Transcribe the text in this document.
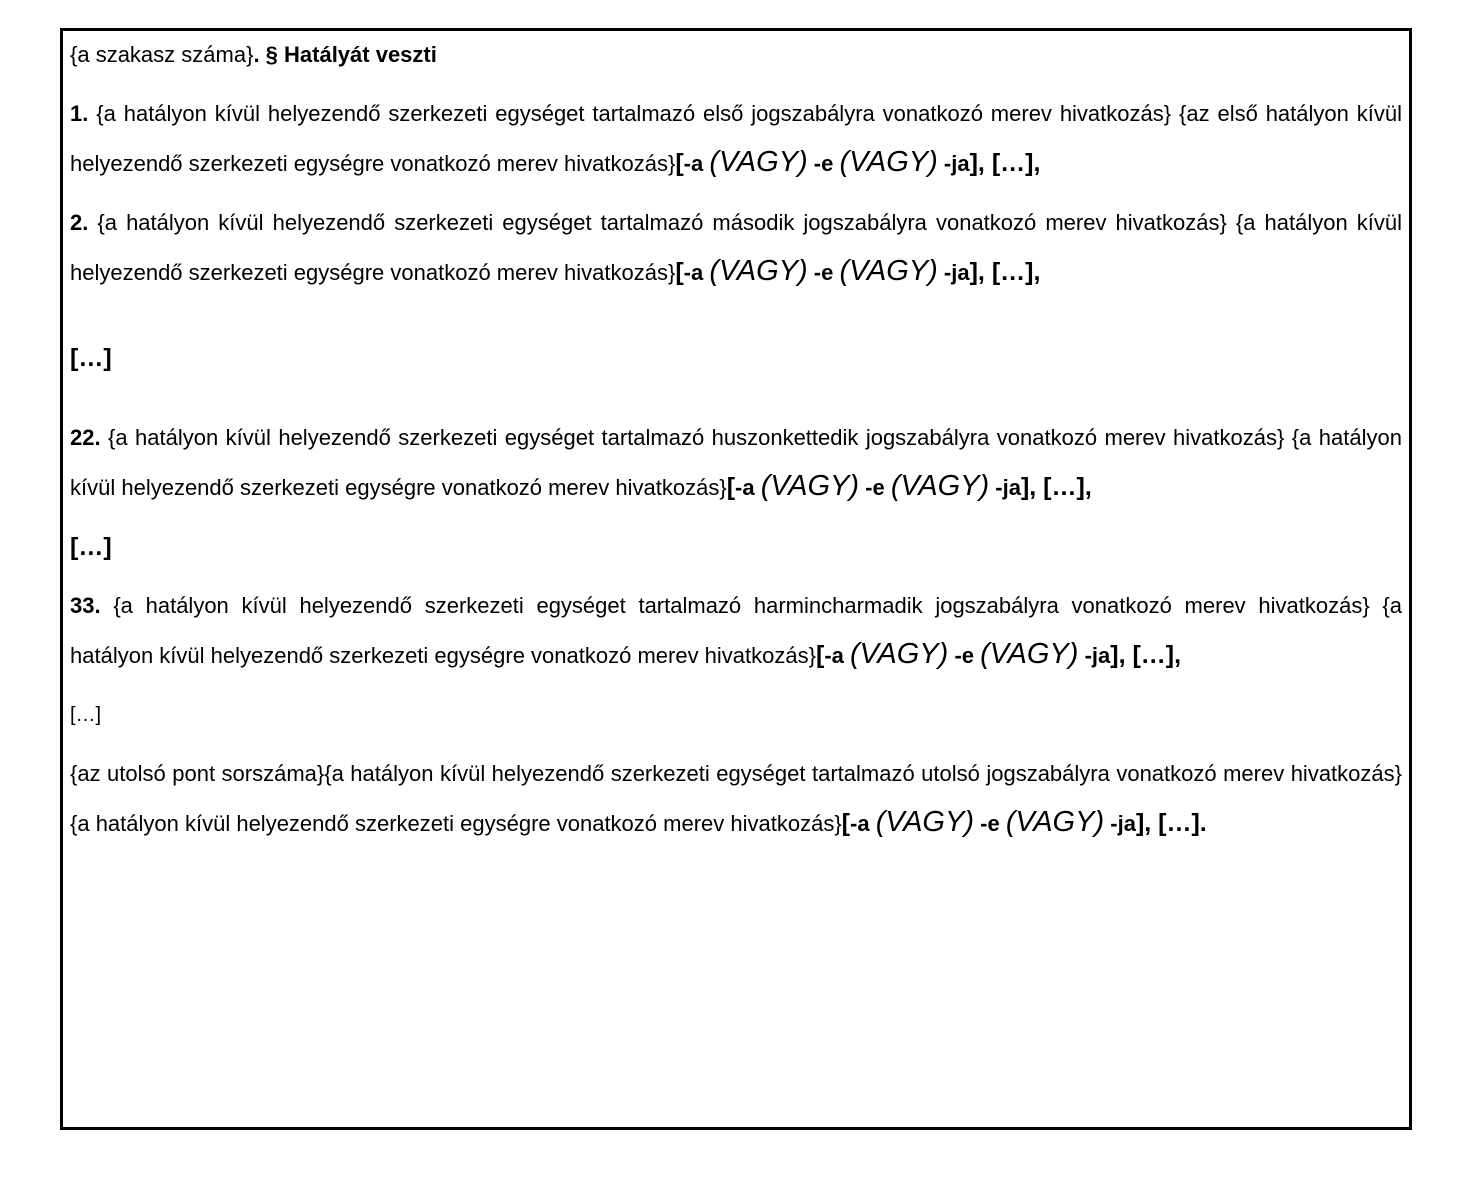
{a szakasz száma}. § Hatályát veszti

1. {a hatályon kívül helyezendő szerkezeti egységet tartalmazó első jogszabályra vonatkozó merev hivatkozás} {az első hatályon kívül helyezendő szerkezeti egységre vonatkozó merev hivatkozás}[-a (VAGY) -e (VAGY) -ja], […],

2. {a hatályon kívül helyezendő szerkezeti egységet tartalmazó második jogszabályra vonatkozó merev hivatkozás} {a hatályon kívül helyezendő szerkezeti egységre vonatkozó merev hivatkozás}[-a (VAGY) -e (VAGY) -ja], […],

[…]

22. {a hatályon kívül helyezendő szerkezeti egységet tartalmazó huszonkettedik jogszabályra vonatkozó merev hivatkozás} {a hatályon kívül helyezendő szerkezeti egységre vonatkozó merev hivatkozás}[-a (VAGY) -e (VAGY) -ja], […],

[…]

33. {a hatályon kívül helyezendő szerkezeti egységet tartalmazó harmincharmadik jogszabályra vonatkozó merev hivatkozás} {a hatályon kívül helyezendő szerkezeti egységre vonatkozó merev hivatkozás}[-a (VAGY) -e (VAGY) -ja], […],

[…]

{az utolsó pont sorszáma}{a hatályon kívül helyezendő szerkezeti egységet tartalmazó utolsó jogszabályra vonatkozó merev hivatkozás} {a hatályon kívül helyezendő szerkezeti egységre vonatkozó merev hivatkozás}[-a (VAGY) -e (VAGY) -ja], […].
